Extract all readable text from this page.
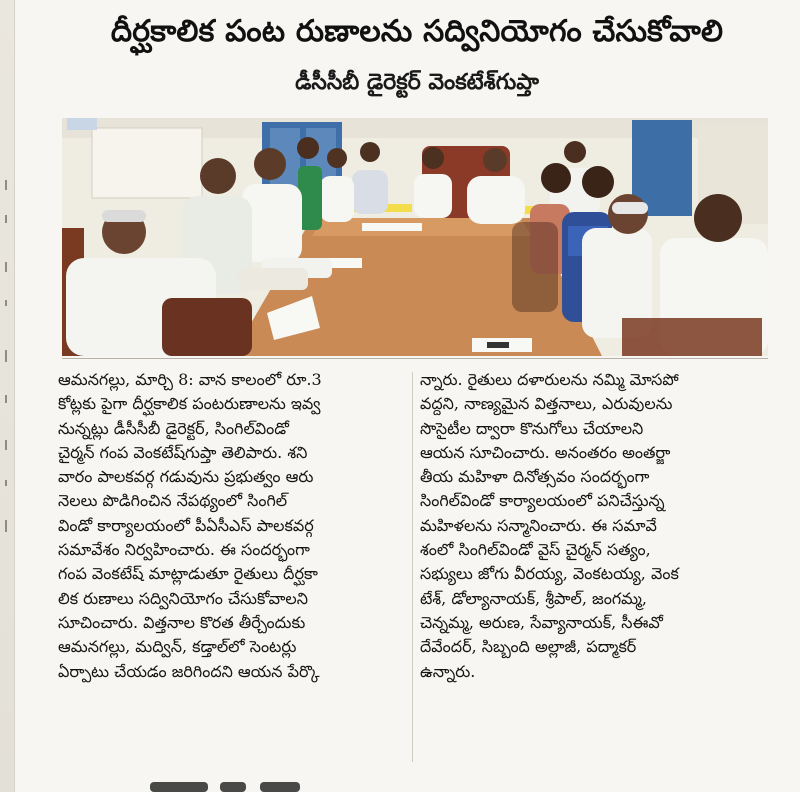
దీర్ఘకాలిక పంట రుణాలను సద్వినియోగం చేసుకోవాలి
డీసీసీబీ డైరెక్టర్ వెంకటేశ్‌గుప్తా
ఆమనగల్లు, మార్చి 8: వాన కాలంలో రూ.3
కోట్లకు పైగా దీర్ఘకాలిక పంటరుణాలను ఇవ్వ
నున్నట్లు డీసీసీబీ డైరెక్టర్, సింగిల్‌విండో
చైర్మన్ గంప వెంకటేష్‌గుప్తా తెలిపారు. శని
వారం పాలకవర్గ గడువును ప్రభుత్వం ఆరు
నెలలు పొడిగించిన నేపథ్యంలో సింగిల్
విండో కార్యాలయంలో పీఏసీఎస్ పాలకవర్గ
సమావేశం నిర్వహించారు. ఈ సందర్భంగా
గంప వెంకటేష్ మాట్లాడుతూ రైతులు దీర్ఘకా
లిక రుణాలు సద్వినియోగం చేసుకోవాలని
సూచించారు. విత్తనాల కొరత తీర్చేందుకు
ఆమనగల్లు, మద్విన్, కడ్తాల్‌లో సెంటర్లు
ఏర్పాటు చేయడం జరిగిందని ఆయన పేర్కొ
న్నారు. రైతులు దళారులను నమ్మి మోసపో
వద్దని, నాణ్యమైన విత్తనాలు, ఎరువులను
సొసైటీల ద్వారా కొనుగోలు చేయాలని
ఆయన సూచించారు. అనంతరం అంతర్జా
తీయ మహిళా దినోత్సవం సందర్భంగా
సింగిల్‌విండో కార్యాలయంలో పనిచేస్తున్న
మహిళలను సన్మానించారు. ఈ సమావే
శంలో సింగిల్‌విండో వైస్ చైర్మన్ సత్యం,
సభ్యులు జోగు వీరయ్య, వెంకటయ్య, వెంక
టేశ్, డోల్యానాయక్, శ్రీపాల్, జంగమ్మ,
చెన్నమ్మ, అరుణ, సేవ్యానాయక్, సీఈవో
దేవేందర్, సిబ్బంది అల్లాజీ, పద్మాకర్
ఉన్నారు.
